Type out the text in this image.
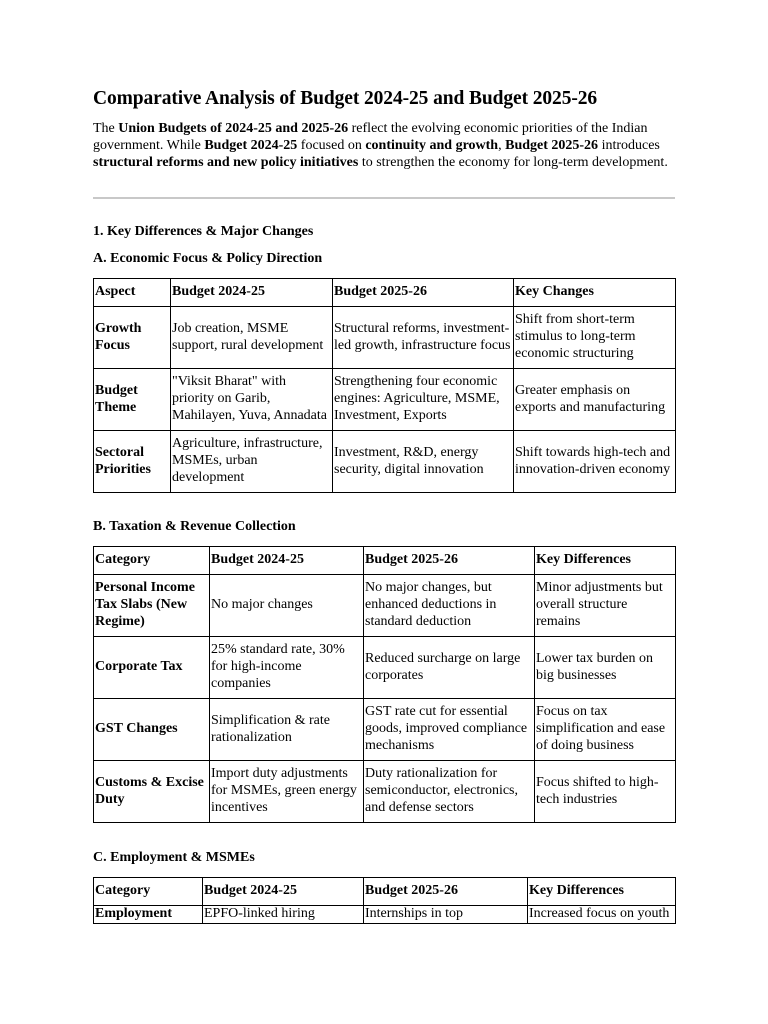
Comparative Analysis of Budget 2024-25 and Budget 2025-26

The Union Budgets of 2024-25 and 2025-26 reflect the evolving economic priorities of the Indian government. While Budget 2024-25 focused on continuity and growth, Budget 2025-26 introduces structural reforms and new policy initiatives to strengthen the economy for long-term development.

1. Key Differences & Major Changes
A. Economic Focus & Policy Direction
Aspect	Budget 2024-25	Budget 2025-26	Key Changes
Growth Focus	Job creation, MSME support, rural development	Structural reforms, investment-led growth, infrastructure focus	Shift from short-term stimulus to long-term economic structuring
Budget Theme	"Viksit Bharat" with priority on Garib, Mahilayen, Yuva, Annadata	Strengthening four economic engines: Agriculture, MSME, Investment, Exports	Greater emphasis on exports and manufacturing
Sectoral Priorities	Agriculture, infrastructure, MSMEs, urban development	Investment, R&D, energy security, digital innovation	Shift towards high-tech and innovation-driven economy
B. Taxation & Revenue Collection
Category	Budget 2024-25	Budget 2025-26	Key Differences
Personal Income Tax Slabs (New Regime)	No major changes	No major changes, but enhanced deductions in standard deduction	Minor adjustments but overall structure remains
Corporate Tax	25% standard rate, 30% for high-income companies	Reduced surcharge on large corporates	Lower tax burden on big businesses
GST Changes	Simplification & rate rationalization	GST rate cut for essential goods, improved compliance mechanisms	Focus on tax simplification and ease of doing business
Customs & Excise Duty	Import duty adjustments for MSMEs, green energy incentives	Duty rationalization for semiconductor, electronics, and defense sectors	Focus shifted to high-tech industries
C. Employment & MSMEs
Category	Budget 2024-25	Budget 2025-26	Key Differences
Employment	EPFO-linked hiring	Internships in top	Increased focus on youth
